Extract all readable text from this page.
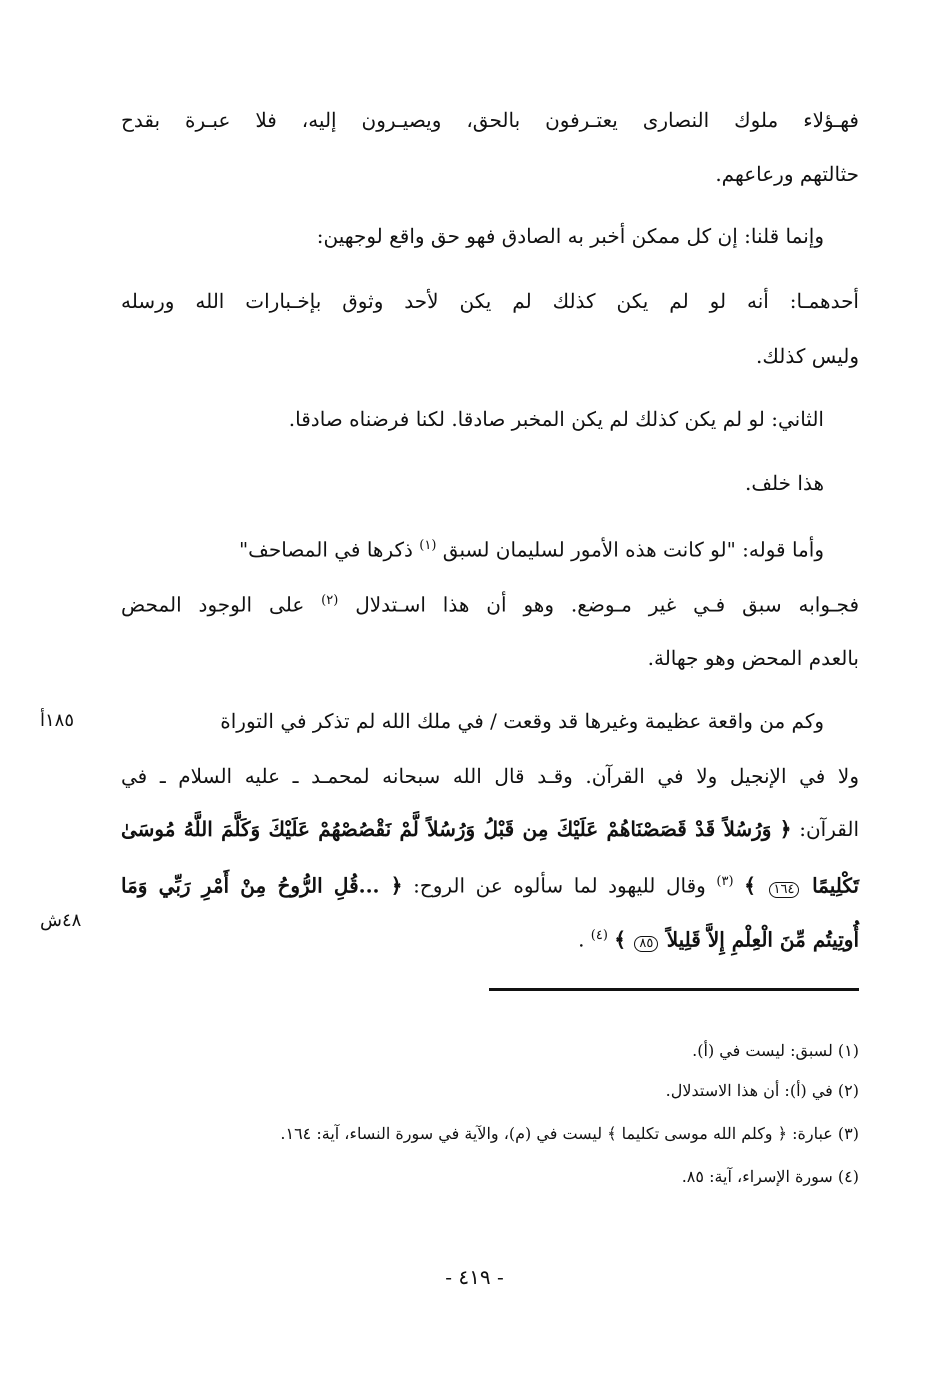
فهـؤلاء ملوك النصارى يعتـرفون بالحق، ويصيـرون إليه، فلا عبـرة بقدح
حثالتهم ورعاعهم.
وإنما قلنا: إن كل ممكن أخبر به الصادق فهو حق واقع لوجهين:
أحدهمـا: أنه لو لم يكن كذلك لم يكن لأحد وثوق بإخـبارات الله ورسله
وليس كذلك.
الثاني: لو لم يكن كذلك لم يكن المخبر صادقا. لكنا فرضناه صادقا.
هذا خلف.
وأما قوله: "لو كانت هذه الأمور لسليمان لسبق $^{(١)}$ ذكرها في المصاحف"
فجـوابه سبق فـي غير مـوضع. وهو أن هذا اسـتدلال $^{(٢)}$ على الوجود المحض
بالعدم المحض وهو جهالة.
وكم من واقعة عظيمة وغيرها قد وقعت / في ملك الله لم تذكر في التوراة
١٨٥أ
ولا في الإنجيل ولا في القرآن. وقـد قال الله سبحانه لمحمـد ـ عليه السلام ـ في
القرآن: ﴿ وَرُسُلاً قَدْ قَصَصْنَاهُمْ عَلَيْكَ مِن قَبْلُ وَرُسُلاً لَّمْ نَقْصُصْهُمْ عَلَيْكَ وَكَلَّمَ اللَّهُ مُوسَىٰ
تَكْلِيمًا ١٦٤ ﴾ $^{(٣)}$ وقال لليهود لما سألوه عن الروح: ﴿ ...قُلِ الرُّوحُ مِنْ أَمْرِ رَبِّي وَمَا
٤٨ش
أُوتِيتُم مِّنَ الْعِلْمِ إِلاَّ قَلِيلاً ٨٥ ﴾ $^{(٤)}$ .
(١) لسبق: ليست في (أ).
(٢) في (أ): أن هذا الاستدلال.
(٣) عبارة: ﴿ وكلم الله موسى تكليما ﴾ ليست في (م)، والآية في سورة النساء، آية: ١٦٤.
(٤) سورة الإسراء، آية: ٨٥.
- ٤١٩ -
